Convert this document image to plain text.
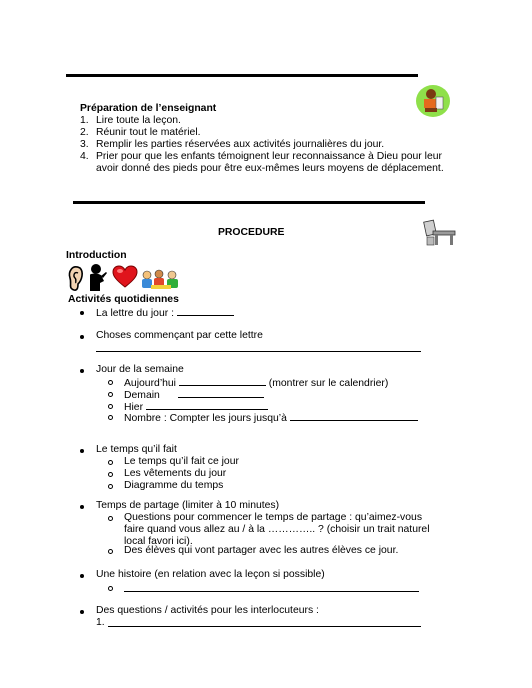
Préparation de l’enseignant
1. Lire toute la leçon.
2. Réunir tout le matériel.
3. Remplir les parties réservées aux activités journalières du jour.
4. Prier pour que les enfants témoignent leur reconnaissance à Dieu pour leur
avoir donné des pieds pour être eux-mêmes leurs moyens de déplacement.
PROCEDURE
Introduction
Activités quotidiennes
La lettre du jour :
Choses commençant par cette lettre
Jour de la semaine
Aujourd’hui	(montrer sur le calendrier)
Demain
Hier
Nombre : Compter les jours jusqu’à
Le temps qu’il fait
Le temps qu’il fait ce jour
Les vêtements du jour
Diagramme du temps
Temps de partage (limiter à 10 minutes)
Questions pour commencer le temps de partage : qu’aimez-vous
faire quand vous allez au / à la ………….. ? (choisir un trait naturel
local favori ici).
Des élèves qui vont partager avec les autres élèves ce jour.
Une histoire (en relation avec la leçon si possible)
Des questions / activités pour les interlocuteurs :
1.
